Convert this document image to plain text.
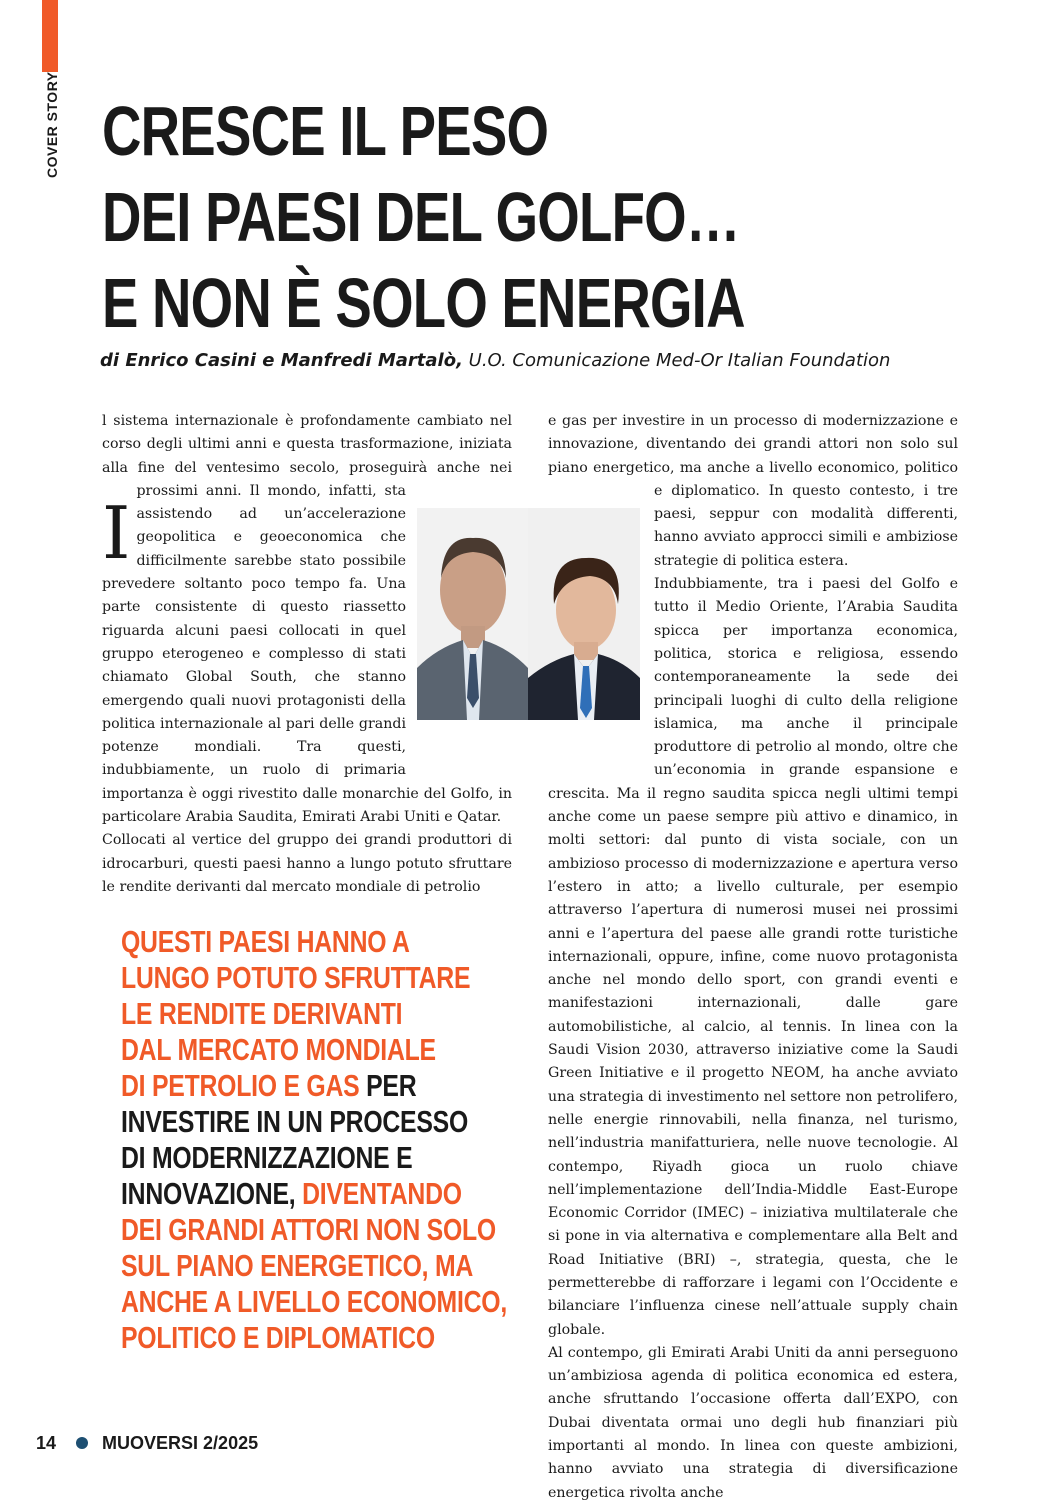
COVER STORY CRESCE IL PESO
DEI PAESI DEL GOLFO…
E NON È SOLO ENERGIA
di Enrico Casini e Manfredi Martalò, U.O. Comunicazione Med-Or Italian Foundation
I

l sistema internazionale è profondamente cambiato nel corso degli ultimi anni e questa trasformazione, iniziata alla fine del ventesimo secolo, proseguirà anche nei prossimi anni. Il mondo, infatti, sta assistendo ad un’accelerazione geopolitica e geoeconomica che difficilmente sarebbe stato possibile prevedere soltanto poco tempo fa. Una parte consistente di questo riassetto riguarda alcuni paesi collocati in quel gruppo eterogeneo e complesso di stati chiamato Global South, che stanno emergendo quali nuovi protagonisti della politica internazionale al pari delle grandi potenze mondiali. Tra questi, indubbiamente, un ruolo di primaria importanza è oggi rivestito dalle monarchie del Golfo, in particolare Arabia Saudita, Emirati Arabi Uniti e Qatar.

Collocati al vertice del gruppo dei grandi produttori di idrocarburi, questi paesi hanno a lungo potuto sfruttare le rendite derivanti dal mercato mondiale di petrolio

e gas per investire in un processo di modernizzazione e innovazione, diventando dei grandi attori non solo sul piano energetico, ma anche a livello economico, politico e diplomatico. In questo contesto, i tre paesi, seppur con modalità differenti, hanno avviato approcci simili e ambiziose strategie di politica estera.

Indubbiamente, tra i paesi del Golfo e tutto il Medio Oriente, l’Arabia Saudita spicca per importanza economica, politica, storica e religiosa, essendo contemporaneamente la sede dei principali luoghi di culto della religione islamica, ma anche il principale produttore di petrolio al mondo, oltre che un’economia in grande espansione e crescita. Ma il regno saudita spicca negli ultimi tempi anche come un paese sempre più attivo e dinamico, in molti settori: dal punto di vista sociale, con un ambizioso processo di modernizzazione e apertura verso l’estero in atto; a livello culturale, per esempio attraverso l’apertura di numerosi musei nei prossimi anni e l’apertura del paese alle grandi rotte turistiche internazionali, oppure, infine, come nuovo protagonista anche nel mondo dello sport, con grandi eventi e manifestazioni internazionali, dalle gare automobilistiche, al calcio, al tennis. In linea con la Saudi Vision 2030, attraverso iniziative come la Saudi Green Initiative e il progetto NEOM, ha anche avviato una strategia di investimento nel settore non petrolifero, nelle energie rinnovabili, nella finanza, nel turismo, nell’industria manifatturiera, nelle nuove tecnologie. Al contempo, Riyadh gioca un ruolo chiave nell’implementazione dell’India-Middle East-Europe Economic Corridor (IMEC) – iniziativa multilaterale che si pone in via alternativa e complementare alla Belt and Road Initiative (BRI) –, strategia, questa, che le permetterebbe di rafforzare i legami con l’Occidente e bilanciare l’influenza cinese nell’attuale supply chain globale.

Al contempo, gli Emirati Arabi Uniti da anni perseguono un’ambiziosa agenda di politica economica ed estera, anche sfruttando l’occasione offerta dall’EXPO, con Dubai diventata ormai uno degli hub finanziari più importanti al mondo. In linea con queste ambizioni, hanno avviato una strategia di diversificazione energetica rivolta anche

QUESTI PAESI HANNO A
LUNGO POTUTO SFRUTTARE
LE RENDITE DERIVANTI
DAL MERCATO MONDIALE
DI PETROLIO E GAS PER
INVESTIRE IN UN PROCESSO
DI MODERNIZZAZIONE E
INNOVAZIONE, DIVENTANDO
DEI GRANDI ATTORI NON SOLO
SUL PIANO ENERGETICO, MA
ANCHE A LIVELLO ECONOMICO,
POLITICO E DIPLOMATICO
14	MUOVERSI 2/2025
